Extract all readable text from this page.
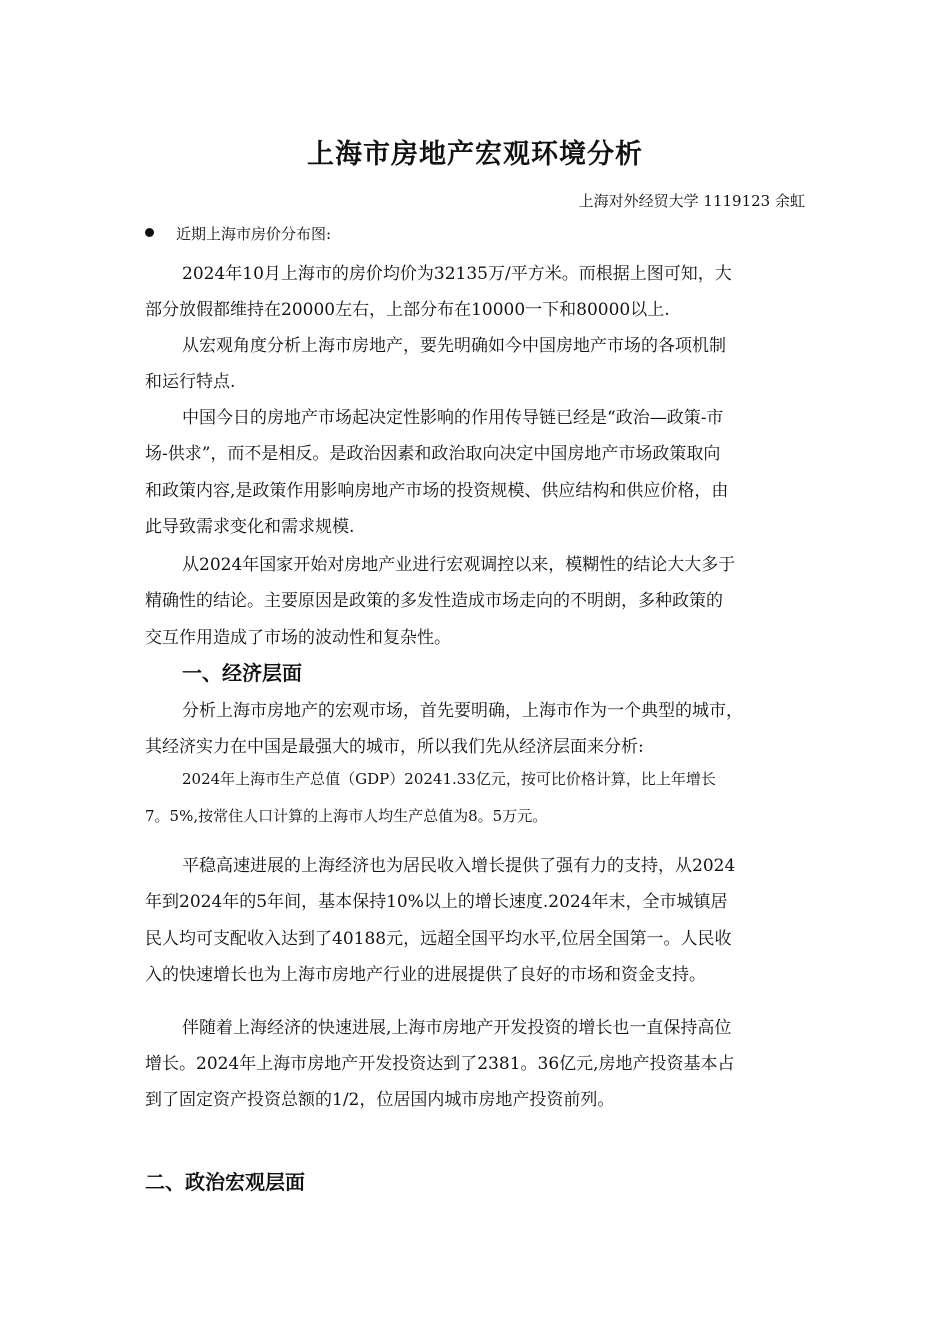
上海市房地产宏观环境分析
上海对外经贸大学 1119123 余虹
近期上海市房价分布图:
2024年10月上海市的房价均价为32135万/平方米。而根据上图可知，大
部分放假都维持在20000左右，上部分布在10000一下和80000以上.
从宏观角度分析上海市房地产，要先明确如今中国房地产市场的各项机制
和运行特点.
中国今日的房地产市场起决定性影响的作用传导链已经是“政治—政策-市
场-供求”，而不是相反。是政治因素和政治取向决定中国房地产市场政策取向
和政策内容,是政策作用影响房地产市场的投资规模、供应结构和供应价格，由
此导致需求变化和需求规模.
从2024年国家开始对房地产业进行宏观调控以来，模糊性的结论大大多于
精确性的结论。主要原因是政策的多发性造成市场走向的不明朗，多种政策的
交互作用造成了市场的波动性和复杂性。
一、经济层面
分析上海市房地产的宏观市场，首先要明确，上海市作为一个典型的城市，
其经济实力在中国是最强大的城市，所以我们先从经济层面来分析:
2024年上海市生产总值（GDP）20241.33亿元，按可比价格计算，比上年增长
7。5%,按常住人口计算的上海市人均生产总值为8。5万元。
平稳高速进展的上海经济也为居民收入增长提供了强有力的支持，从2024
年到2024年的5年间，基本保持10%以上的增长速度.2024年末，全市城镇居
民人均可支配收入达到了40188元，远超全国平均水平,位居全国第一。人民收
入的快速增长也为上海市房地产行业的进展提供了良好的市场和资金支持。
伴随着上海经济的快速进展,上海市房地产开发投资的增长也一直保持高位
增长。2024年上海市房地产开发投资达到了2381。36亿元,房地产投资基本占
到了固定资产投资总额的1/2，位居国内城市房地产投资前列。
二、政治宏观层面
